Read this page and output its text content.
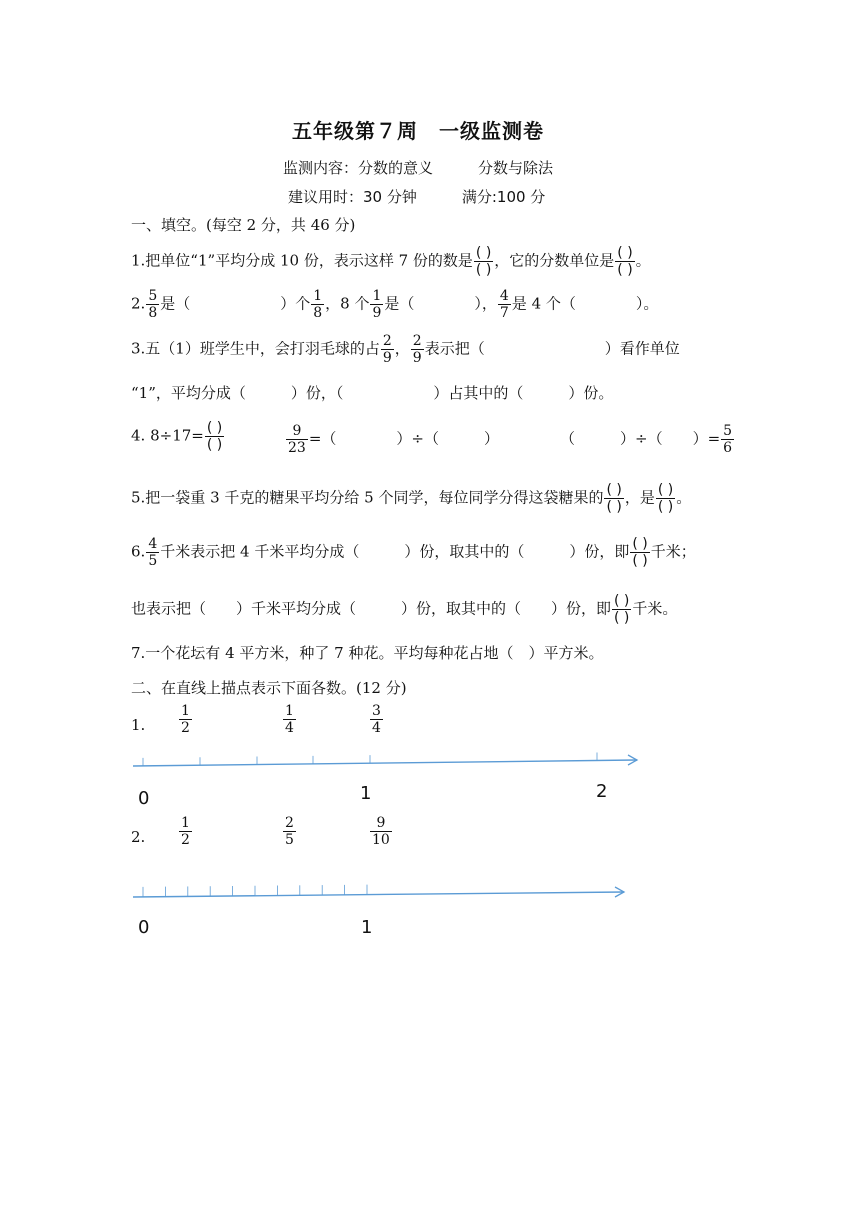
五年级第７周　一级监测卷
监测内容：分数的意义　　　分数与除法
建议用时：30 分钟　　　满分:100 分
一、填空。(每空 2 分，共 46 分)
1.把单位“1”平均分成 10 份，表示这样 7 份的数是 $\frac{( )}{( )}$ ，它的分数单位是 $\frac{( )}{( )}$ 。
2. $\frac{5}{8}$ 是（　　　　　　）个 $\frac{1}{8}$ ，8 个 $\frac{1}{9}$ 是（　　　　）， $\frac{4}{7}$ 是 4 个（　　　　）。
3.五（1）班学生中，会打羽毛球的占 $\frac{2}{9}$ ， $\frac{2}{9}$ 表示把（　　　　　　　　）看作单位
“1”，平均分成（　　　）份，（　　　　　　）占其中的（　　　）份。
4. $8\div 17= \frac{( )}{( )}$	$\frac{9}{23}$ =（　　　　）÷（　　　）	（　　　）÷（　　）= $\frac{5}{6}$
5.把一袋重 3 千克的糖果平均分给 5 个同学，每位同学分得这袋糖果的 $\frac{( )}{( )}$ ，是 $\frac{( )}{( )}$ 。
6. $\frac{4}{5}$ 千米表示把 4 千米平均分成（　　　）份，取其中的（　　　）份，即 $\frac{( )}{( )}$ 千米；
也表示把（　　）千米平均分成（　　　）份，取其中的（　　）份，即 $\frac{( )}{( )}$ 千米。
7.一个花坛有 4 平方米，种了 7 种花。平均每种花占地（　）平方米。
二、在直线上描点表示下面各数。(12 分)
1. $\frac{1}{2}$	$\frac{1}{4}$	$\frac{3}{4}$
0	1	2
2. $\frac{1}{2}$	$\frac{2}{5}$	$\frac{9}{10}$
0	1
